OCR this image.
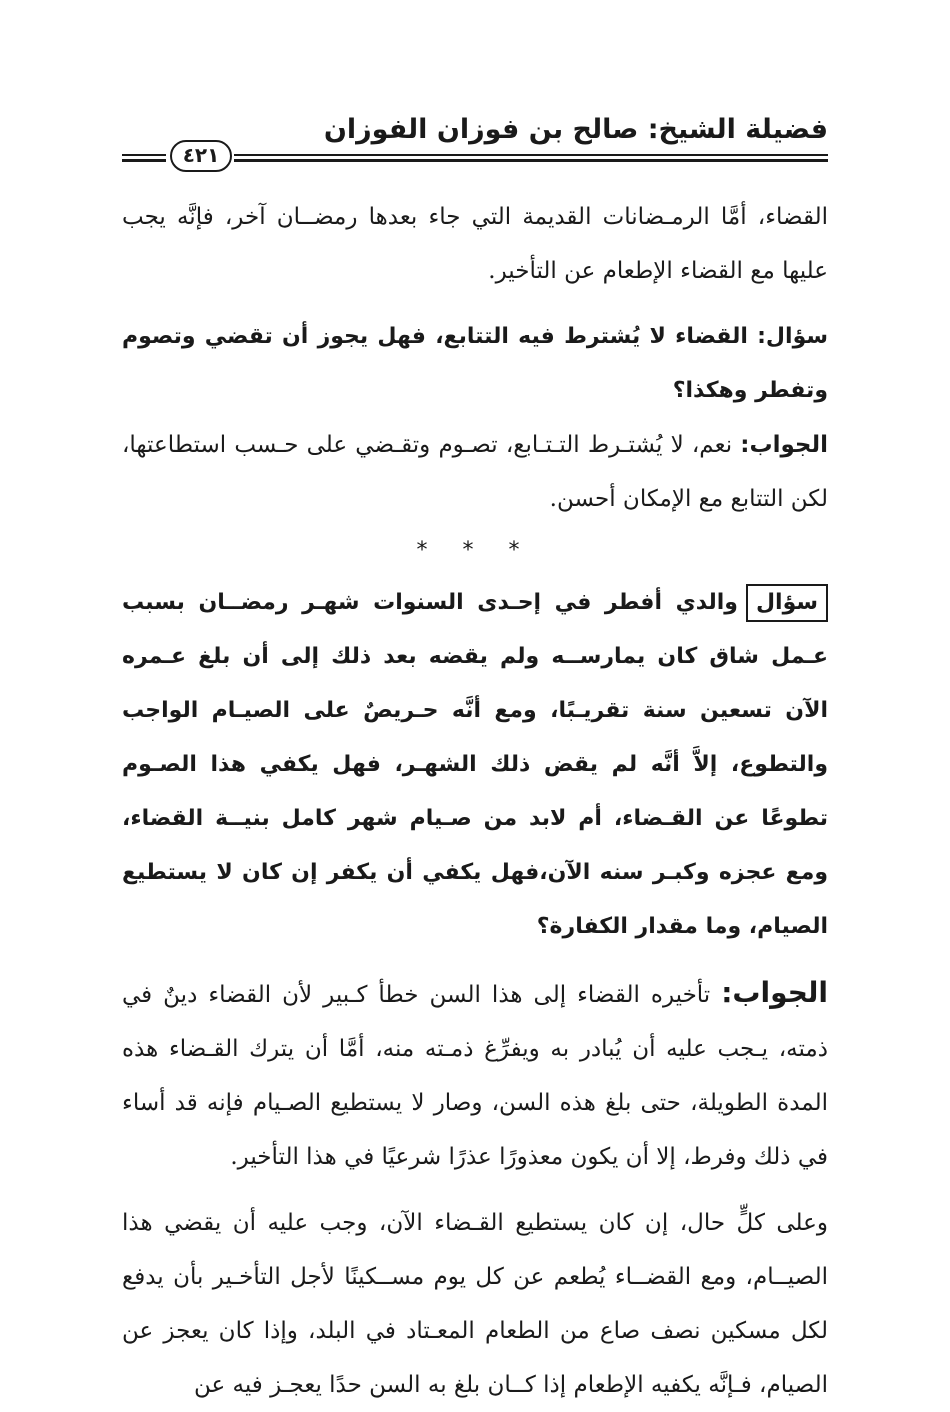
فضيلة الشيخ: صالح بن فوزان الفوزان
٤٢١

القضاء، أمَّا الرمـضانات القديمة التي جاء بعدها رمضــان آخر، فإنَّه يجب عليها مع القضاء الإطعام عن التأخير.

سؤال: القضاء لا يُشترط فيه التتابع، فهل يجوز أن تقضي وتصوم وتفطر وهكذا؟

الجواب: نعم، لا يُشتـرط التـتـابع، تصـوم وتقـضي على حـسب استطاعتها، لكن التتابع مع الإمكان أحسن.

* * *

سؤالوالدي أفطر في إحـدى السنوات شهـر رمضــان بسبب عـمل شاق كان يمارســه ولم يقضه بعد ذلك إلى أن بلغ عـمره الآن تسعين سنة تقريـبًا، ومع أنَّه حـريصٌ على الصيـام الواجب والتطوع، إلاَّ أنَّه لم يقض ذلك الشهـر، فهل يكفي هذا الصـوم تطوعًا عن القـضاء، أم لابد من صـيام شهر كامل بنيــة القضاء، ومع عجزه وكبـر سنه الآن،فهل يكفي أن يكفر إن كان لا يستطيع الصيام، وما مقدار الكفارة؟

الجواب: تأخيره القضاء إلى هذا السن خطأ كـبير لأن القضاء دينٌ في ذمته، يـجب عليه أن يُبادر به ويفرِّغ ذمـته منه، أمَّا أن يترك القـضاء هذه المدة الطويلة، حتى بلغ هذه السن، وصار لا يستطيع الصـيام فإنه قد أساء في ذلك وفرط، إلا أن يكون معذورًا عذرًا شرعيًا في هذا التأخير.

وعلى كلٍّ حال، إن كان يستطيع القـضاء الآن، وجب عليه أن يقضي هذا الصيــام، ومع القضــاء يُطعم عن كل يوم مســكينًا لأجل التأخـير بأن يدفع لكل مسكين نصف صاع من الطعام المعـتاد في البلد، وإذا كان يعجز عن الصيام، فـإنَّه يكفيه الإطعام إذا كــان بلغ به السن حدًا يعجـز فيه عن
